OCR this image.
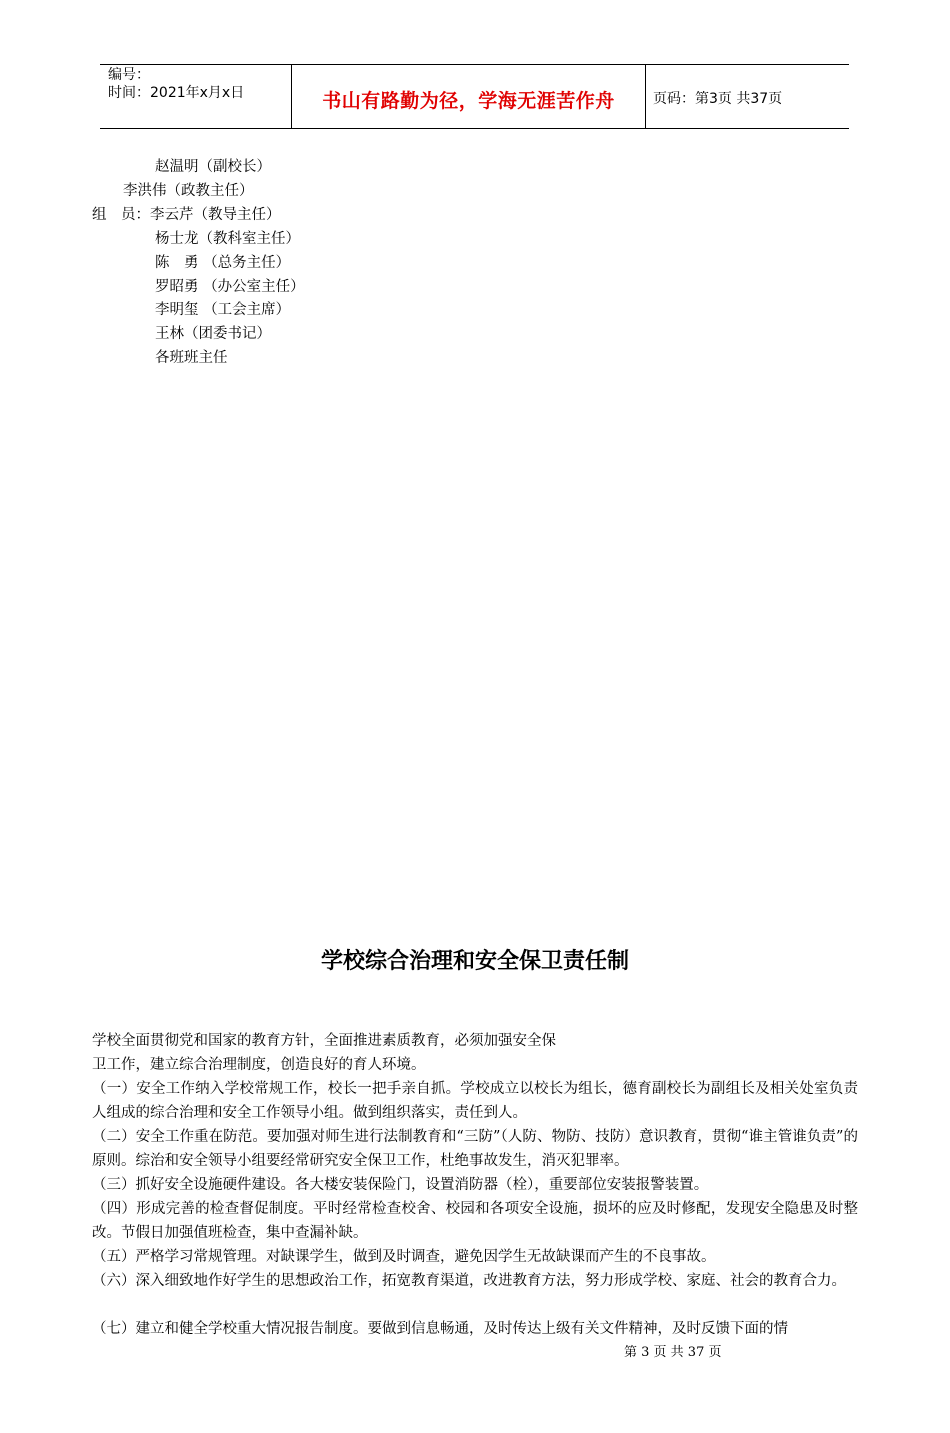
编号：
时间：2021年x月x日	书山有路勤为径，学海无涯苦作舟	页码：第3页 共37页
赵温明（副校长）
李洪伟（政教主任）
组　员：李云芹（教导主任）
杨士龙（教科室主任）
陈　勇 （总务主任）
罗昭勇 （办公室主任）
李明玺 （工会主席）
王林（团委书记）
各班班主任
学校综合治理和安全保卫责任制
学校全面贯彻党和国家的教育方针，全面推进素质教育，必须加强安全保
卫工作，建立综合治理制度，创造良好的育人环境。
（一）安全工作纳入学校常规工作，校长一把手亲自抓。学校成立以校长为组长，德育副校长为副组长及相关处室负责人组成的综合治理和安全工作领导小组。做到组织落实，责任到人。
（二）安全工作重在防范。要加强对师生进行法制教育和“三防”（人防、物防、技防）意识教育，贯彻“谁主管谁负责”的原则。综治和安全领导小组要经常研究安全保卫工作，杜绝事故发生，消灭犯罪率。
（三）抓好安全设施硬件建设。各大楼安装保险门，设置消防器（栓），重要部位安装报警装置。
（四）形成完善的检查督促制度。平时经常检查校舍、校园和各项安全设施，损坏的应及时修配，发现安全隐患及时整改。节假日加强值班检查，集中查漏补缺。
（五）严格学习常规管理。对缺课学生，做到及时调查，避免因学生无故缺课而产生的不良事故。
（六）深入细致地作好学生的思想政治工作，拓宽教育渠道，改进教育方法，努力形成学校、家庭、社会的教育合力。
（七）建立和健全学校重大情况报告制度。要做到信息畅通，及时传达上级有关文件精神，及时反馈下面的情
第 3 页 共 37 页
